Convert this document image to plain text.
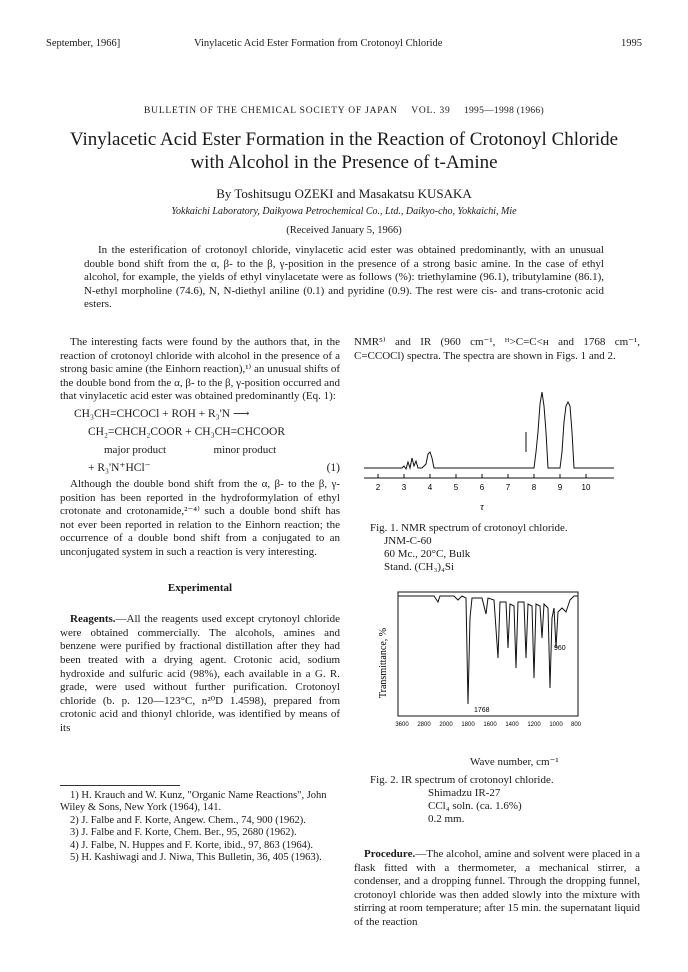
September, 1966]	Vinylacetic Acid Ester Formation from Crotonoyl Chloride	1995
BULLETIN OF THE CHEMICAL SOCIETY OF JAPAN VOL. 39 1995—1998 (1966)
Vinylacetic Acid Ester Formation in the Reaction of Crotonoyl Chloride
with Alcohol in the Presence of t-Amine
By Toshitsugu OZEKI and Masakatsu KUSAKA
Yokkaichi Laboratory, Daikyowa Petrochemical Co., Ltd., Daikyo-cho, Yokkaichi, Mie
(Received January 5, 1966)

In the esterification of crotonoyl chloride, vinylacetic acid ester was obtained predominantly, with an unusual double bond shift from the α, β- to the β, γ-position in the presence of a strong basic amine. In the case of ethyl alcohol, for example, the yields of ethyl vinylacetate were as follows (%): triethylamine (96.1), tributylamine (86.1), N-ethyl morpholine (74.6), N, N-diethyl aniline (0.1) and pyridine (0.9). The rest were cis- and trans-crotonic acid esters.

The interesting facts were found by the authors that, in the reaction of crotonoyl chloride with alcohol in the presence of a strong basic amine (the Einhorn reaction),¹⁾ an unusual shifts of the double bond from the α, β- to the β, γ-position occurred and that vinylacetic acid ester was obtained predominantly (Eq. 1):

CH₃CH=CHCOCl + ROH + R₃'N ⟶
CH₂=CHCH₂COOR + CH₃CH=CHCOOR
major product	minor product
+ R₃'N⁺HCl⁻	(1)

Although the double bond shift from the α, β- to the β, γ-position has been reported in the hydroformylation of ethyl crotonate and crotonamide,²⁻⁴⁾ such a double bond shift has not ever been reported in relation to the Einhorn reaction; the occurrence of a double bond shift from a conjugated to an unconjugated system in such a reaction is very interesting.

Experimental

Reagents.—All the reagents used except crytonoyl chloride were obtained commercially. The alcohols, amines and benzene were purified by fractional distillation after they had been treated with a drying agent. Crotonic acid, sodium hydroxide and sulfuric acid (98%), each available in a G. R. grade, were used without further purification. Crotonoyl chloride (b. p. 120—123°C, n²⁰D 1.4598), prepared from crotonic acid and thionyl chloride, was identified by means of its

1) H. Krauch and W. Kunz, "Organic Name Reactions", John Wiley & Sons, New York (1964), 141.
2) J. Falbe and F. Korte, Angew. Chem., 74, 900 (1962).
3) J. Falbe and F. Korte, Chem. Ber., 95, 2680 (1962).
4) J. Falbe, N. Huppes and F. Korte, ibid., 97, 863 (1964).
5) H. Kashiwagi and J. Niwa, This Bulletin, 36, 405 (1963).

NMR⁵⁾ and IR (960 cm⁻¹, ᴴ>C=C<ʜ and 1768 cm⁻¹, C=CCOCl) spectra. The spectra are shown in Figs. 1 and 2.

2	3	4	5	6	7	8	9 10
τ
Fig. 1. NMR spectrum of crotonoyl chloride.
JNM-C-60
60 Mc., 20°C, Bulk
Stand. (CH₃)₄Si
Transmittance, %	960
1768
3600 2800 2000 1800 1600 1400 1200 1000 800
Wave number, cm⁻¹
Fig. 2. IR spectrum of crotonoyl chloride.
Shimadzu IR-27
CCl₄ soln. (ca. 1.6%)
0.2 mm.

Procedure.—The alcohol, amine and solvent were placed in a flask fitted with a thermometer, a mechanical stirrer, a condenser, and a dropping funnel. Through the dropping funnel, crotonoyl chloride was then added slowly into the mixture with stirring at room temperature; after 15 min. the supernatant liquid of the reaction
